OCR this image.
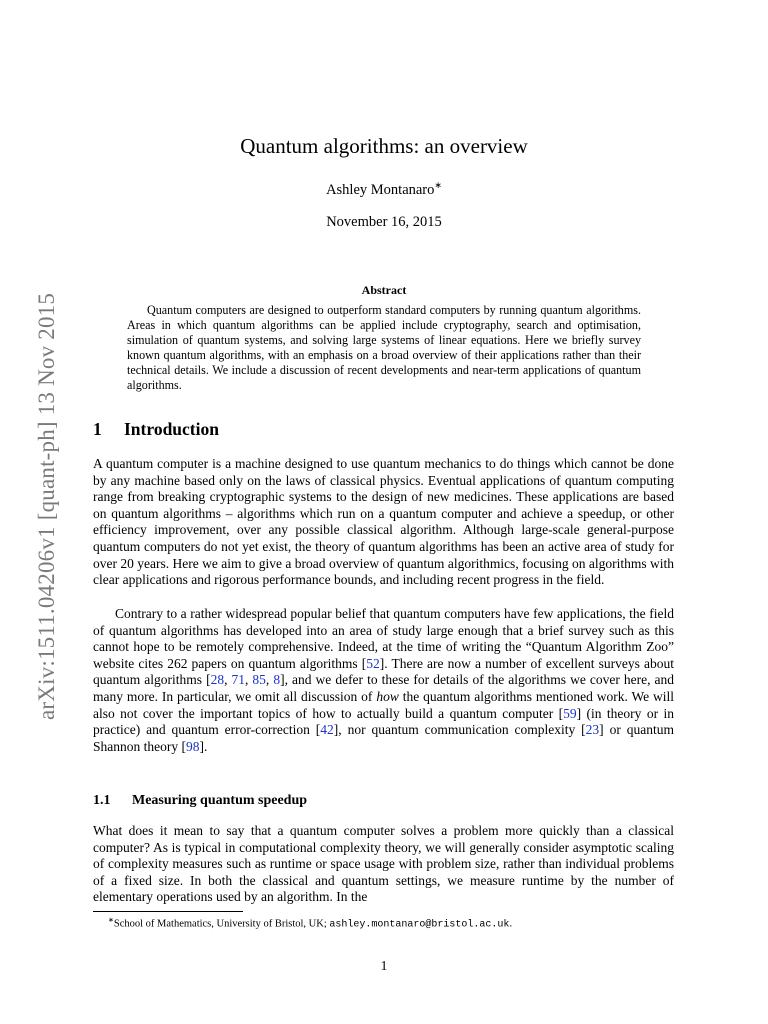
arXiv:1511.04206v1 [quant-ph] 13 Nov 2015
Quantum algorithms: an overview
Ashley Montanaro∗
November 16, 2015
Abstract
Quantum computers are designed to outperform standard computers by running quantum algorithms. Areas in which quantum algorithms can be applied include cryptography, search and optimisation, simulation of quantum systems, and solving large systems of linear equations. Here we briefly survey known quantum algorithms, with an emphasis on a broad overview of their applications rather than their technical details. We include a discussion of recent developments and near-term applications of quantum algorithms.
1 Introduction
A quantum computer is a machine designed to use quantum mechanics to do things which cannot be done by any machine based only on the laws of classical physics. Eventual applications of quantum computing range from breaking cryptographic systems to the design of new medicines. These applications are based on quantum algorithms – algorithms which run on a quantum computer and achieve a speedup, or other efficiency improvement, over any possible classical algorithm. Although large-scale general-purpose quantum computers do not yet exist, the theory of quantum algorithms has been an active area of study for over 20 years. Here we aim to give a broad overview of quantum algorithmics, focusing on algorithms with clear applications and rigorous performance bounds, and including recent progress in the field.
Contrary to a rather widespread popular belief that quantum computers have few applications, the field of quantum algorithms has developed into an area of study large enough that a brief survey such as this cannot hope to be remotely comprehensive. Indeed, at the time of writing the “Quantum Algorithm Zoo” website cites 262 papers on quantum algorithms [52]. There are now a number of excellent surveys about quantum algorithms [28, 71, 85, 8], and we defer to these for details of the algorithms we cover here, and many more. In particular, we omit all discussion of how the quantum algorithms mentioned work. We will also not cover the important topics of how to actually build a quantum computer [59] (in theory or in practice) and quantum error-correction [42], nor quantum communication complexity [23] or quantum Shannon theory [98].
1.1 Measuring quantum speedup
What does it mean to say that a quantum computer solves a problem more quickly than a classical computer? As is typical in computational complexity theory, we will generally consider asymptotic scaling of complexity measures such as runtime or space usage with problem size, rather than individual problems of a fixed size. In both the classical and quantum settings, we measure runtime by the number of elementary operations used by an algorithm. In the
∗School of Mathematics, University of Bristol, UK; ashley.montanaro@bristol.ac.uk.
1
